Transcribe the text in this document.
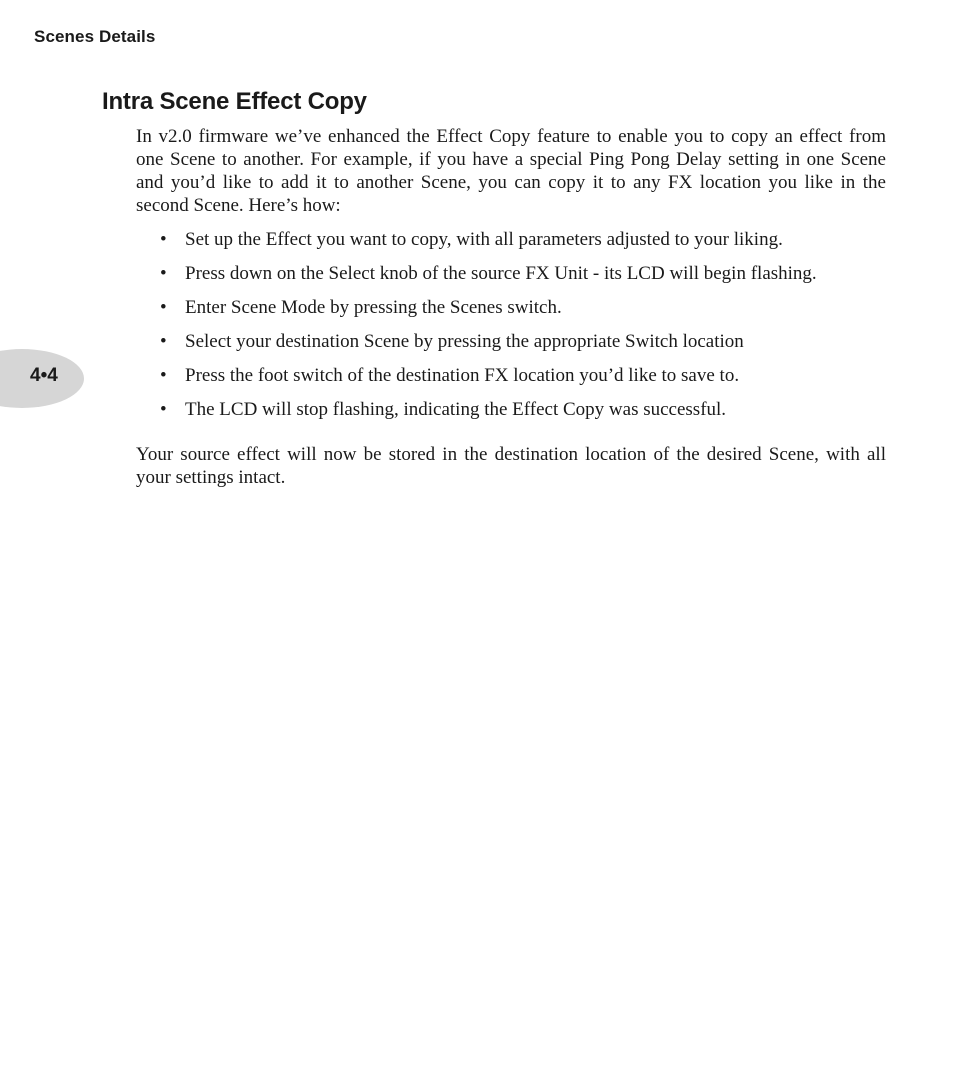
Scenes Details
4•4
Intra Scene Effect Copy

In v2.0 firmware we’ve enhanced the Effect Copy feature to enable you to copy an effect from one Scene to another. For example, if you have a special Ping Pong Delay setting in one Scene and you’d like to add it to another Scene, you can copy it to any FX location you like in the second Scene. Here’s how:

• Set up the Effect you want to copy, with all parameters adjusted to your liking.
• Press down on the Select knob of the source FX Unit - its LCD will begin flashing.
• Enter Scene Mode by pressing the Scenes switch.
• Select your destination Scene by pressing the appropriate Switch location
• Press the foot switch of the destination FX location you’d like to save to.
• The LCD will stop flashing, indicating the Effect Copy was successful.

Your source effect will now be stored in the destination location of the desired Scene, with all your settings intact.
